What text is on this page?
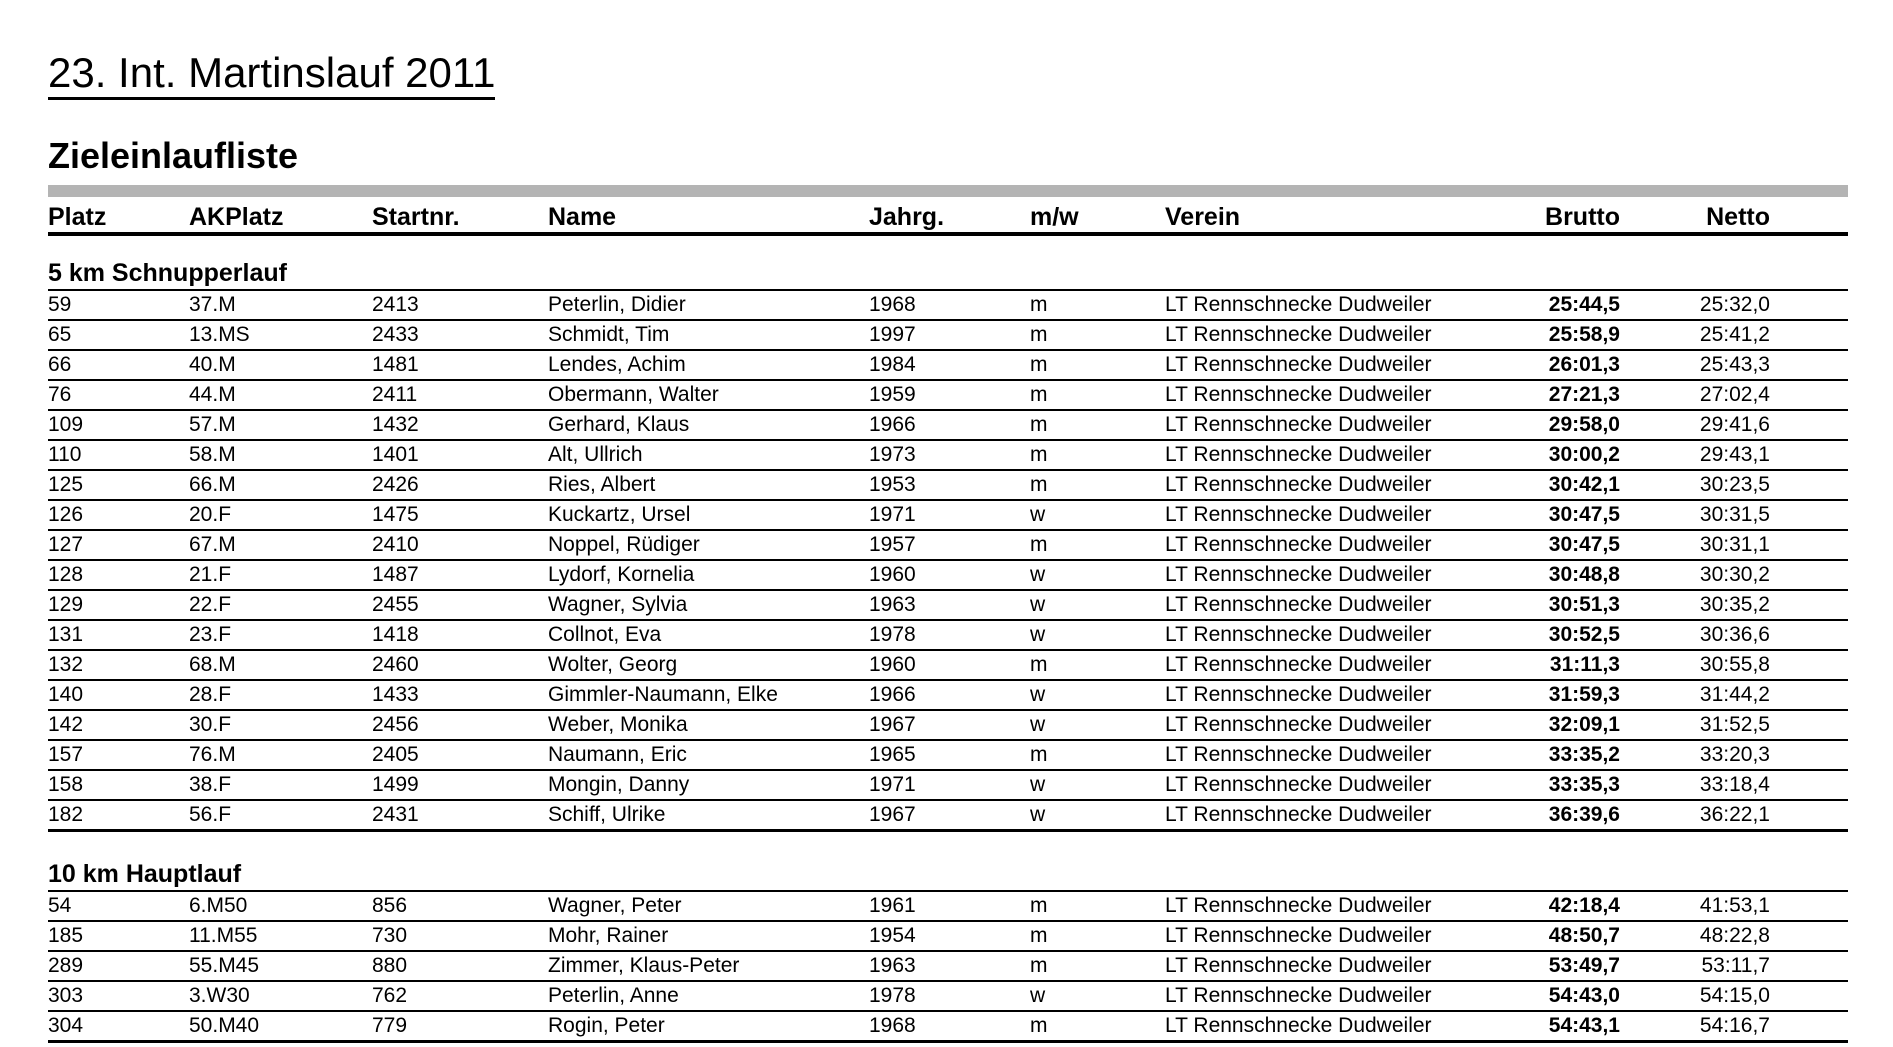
23. Int. Martinslauf 2011
Zieleinlaufliste
Platz	AKPlatz	Startnr.	Name	Jahrg.	m/w	Verein	Brutto	Netto
5 km Schnupperlauf
59	37.M	2413	Peterlin, Didier	1968	m	LT Rennschnecke Dudweiler	25:44,5	25:32,0
65	13.MS	2433	Schmidt, Tim	1997	m	LT Rennschnecke Dudweiler	25:58,9	25:41,2
66	40.M	1481	Lendes, Achim	1984	m	LT Rennschnecke Dudweiler	26:01,3	25:43,3
76	44.M	2411	Obermann, Walter	1959	m	LT Rennschnecke Dudweiler	27:21,3	27:02,4
109	57.M	1432	Gerhard, Klaus	1966	m	LT Rennschnecke Dudweiler	29:58,0	29:41,6
110	58.M	1401	Alt, Ullrich	1973	m	LT Rennschnecke Dudweiler	30:00,2	29:43,1
125	66.M	2426	Ries, Albert	1953	m	LT Rennschnecke Dudweiler	30:42,1	30:23,5
126	20.F	1475	Kuckartz, Ursel	1971	w	LT Rennschnecke Dudweiler	30:47,5	30:31,5
127	67.M	2410	Noppel, Rüdiger	1957	m	LT Rennschnecke Dudweiler	30:47,5	30:31,1
128	21.F	1487	Lydorf, Kornelia	1960	w	LT Rennschnecke Dudweiler	30:48,8	30:30,2
129	22.F	2455	Wagner, Sylvia	1963	w	LT Rennschnecke Dudweiler	30:51,3	30:35,2
131	23.F	1418	Collnot, Eva	1978	w	LT Rennschnecke Dudweiler	30:52,5	30:36,6
132	68.M	2460	Wolter, Georg	1960	m	LT Rennschnecke Dudweiler	31:11,3	30:55,8
140	28.F	1433	Gimmler-Naumann, Elke	1966	w	LT Rennschnecke Dudweiler	31:59,3	31:44,2
142	30.F	2456	Weber, Monika	1967	w	LT Rennschnecke Dudweiler	32:09,1	31:52,5
157	76.M	2405	Naumann, Eric	1965	m	LT Rennschnecke Dudweiler	33:35,2	33:20,3
158	38.F	1499	Mongin, Danny	1971	w	LT Rennschnecke Dudweiler	33:35,3	33:18,4
182	56.F	2431	Schiff, Ulrike	1967	w	LT Rennschnecke Dudweiler	36:39,6	36:22,1
10 km Hauptlauf
54	6.M50	856	Wagner, Peter	1961	m	LT Rennschnecke Dudweiler	42:18,4	41:53,1
185	11.M55	730	Mohr, Rainer	1954	m	LT Rennschnecke Dudweiler	48:50,7	48:22,8
289	55.M45	880	Zimmer, Klaus-Peter	1963	m	LT Rennschnecke Dudweiler	53:49,7	53:11,7
303	3.W30	762	Peterlin, Anne	1978	w	LT Rennschnecke Dudweiler	54:43,0	54:15,0
304	50.M40	779	Rogin, Peter	1968	m	LT Rennschnecke Dudweiler	54:43,1	54:16,7
